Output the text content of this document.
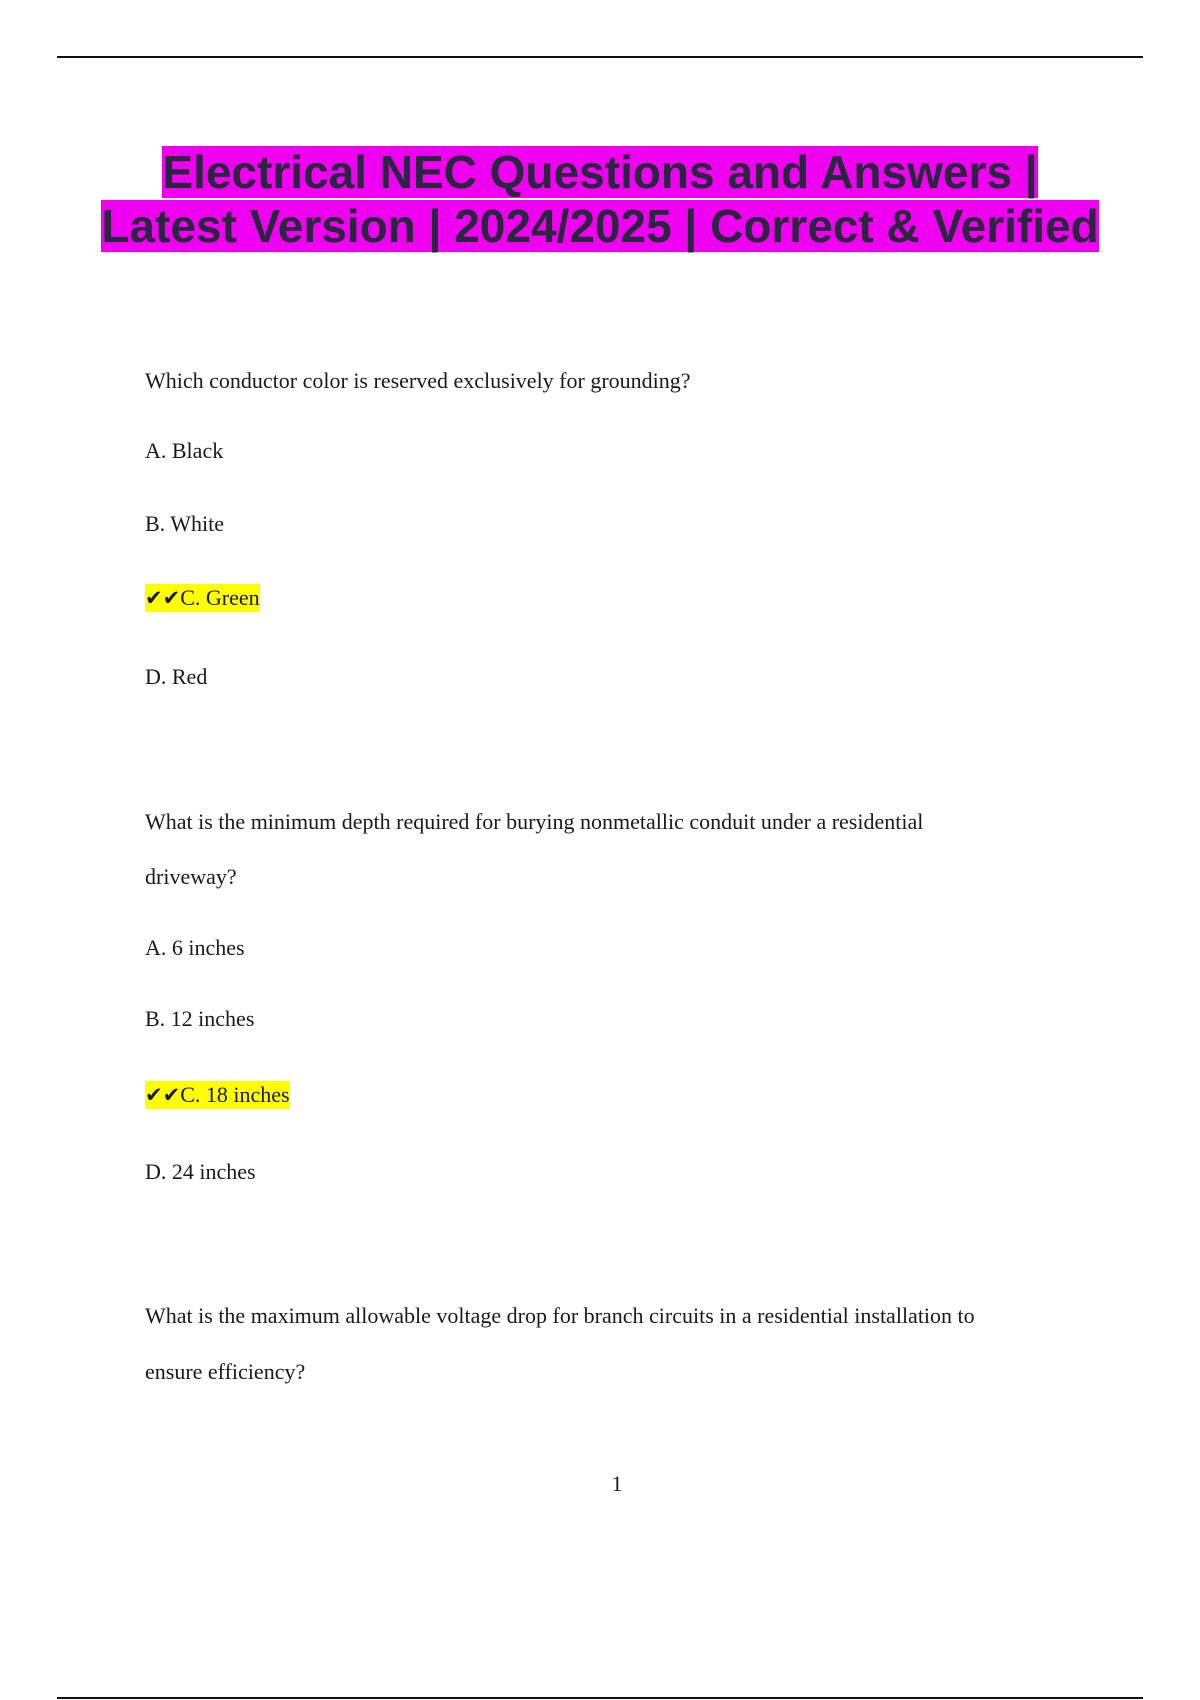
Electrical NEC Questions and Answers | Latest Version | 2024/2025 | Correct & Verified
Which conductor color is reserved exclusively for grounding?
A. Black
B. White
✔✔C. Green
D. Red
What is the minimum depth required for burying nonmetallic conduit under a residential
driveway?
A. 6 inches
B. 12 inches
✔✔C. 18 inches
D. 24 inches
What is the maximum allowable voltage drop for branch circuits in a residential installation to
ensure efficiency?
1
